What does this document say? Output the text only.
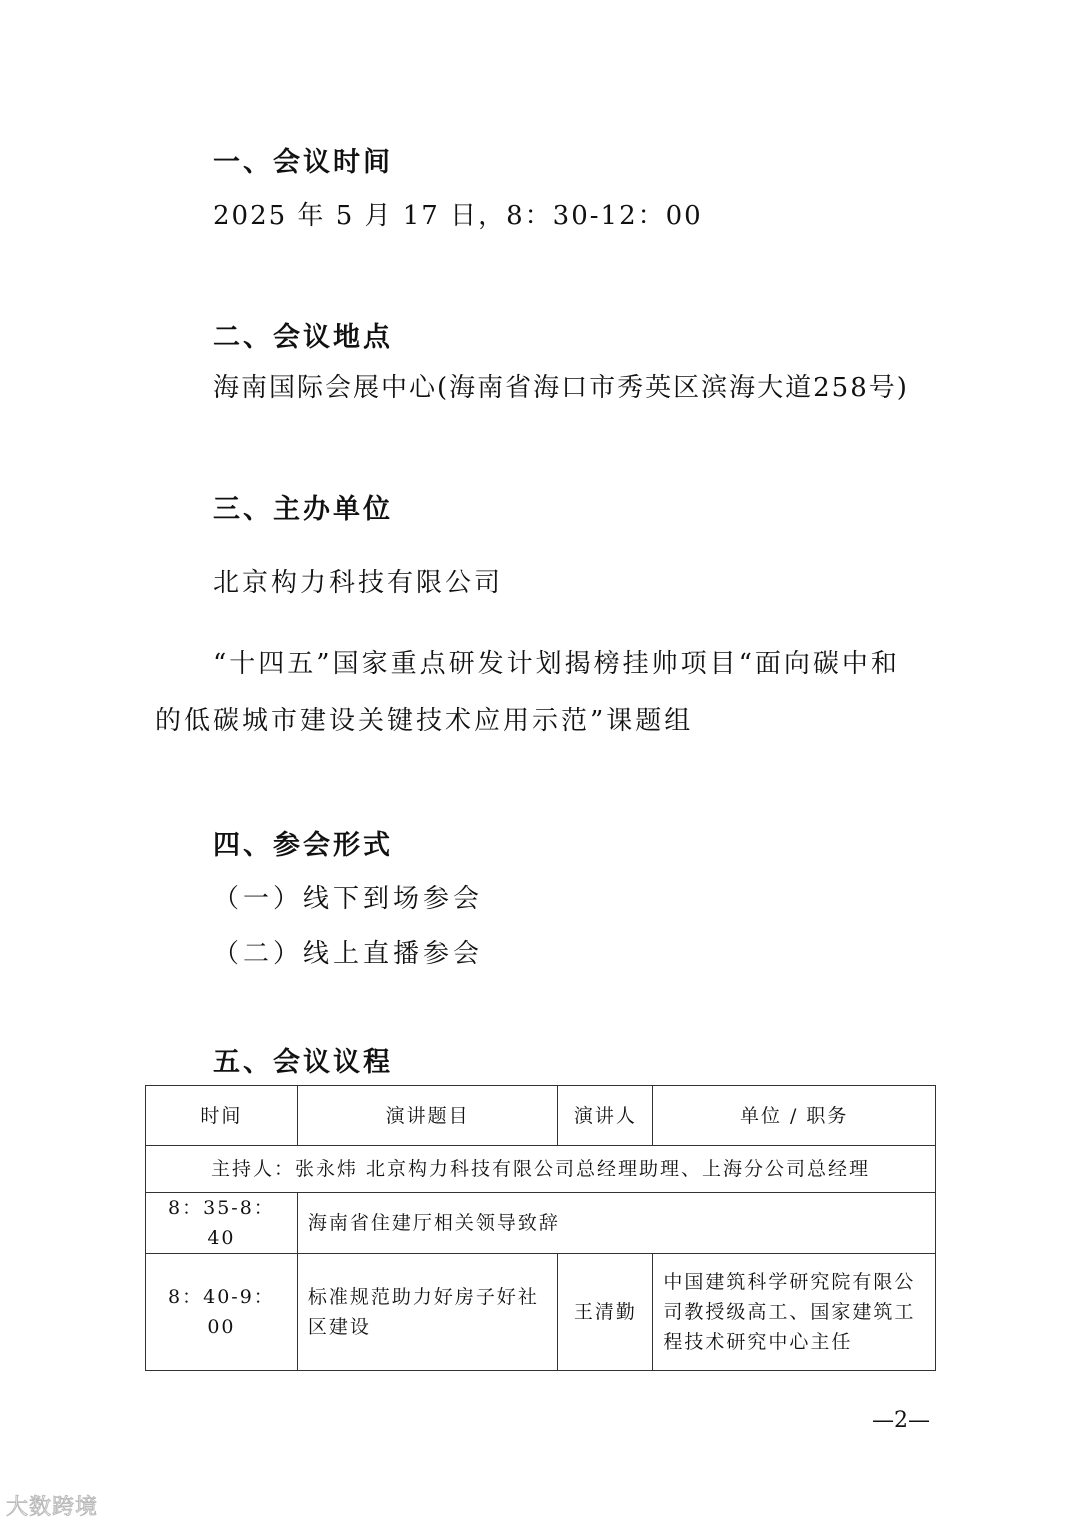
一、会议时间
2025 年 5 月 17 日，8：30-12：00
二、会议地点
海南国际会展中心(海南省海口市秀英区滨海大道258号)
三、主办单位
北京构力科技有限公司
“十四五”国家重点研发计划揭榜挂帅项目“面向碳中和
的低碳城市建设关键技术应用示范”课题组
四、参会形式
（一）线下到场参会
（二）线上直播参会
五、会议议程
时间	演讲题目	演讲人	单位 / 职务
主持人：张永炜 北京构力科技有限公司总经理助理、上海分公司总经理			
8：35-8：40	海南省住建厅相关领导致辞		
8：40-9：00	标准规范助力好房子好社区建设	王清勤	中国建筑科学研究院有限公司教授级高工、国家建筑工程技术研究中心主任
—2—
大数跨境
